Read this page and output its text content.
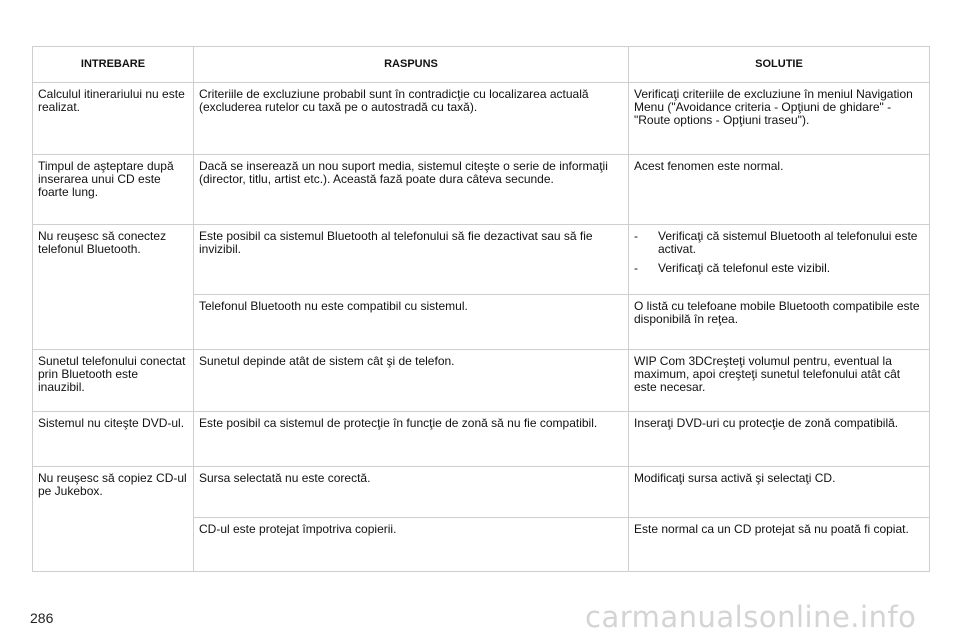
INTREBARE	RASPUNS	SOLUTIE
Calculul itinerariului nu este realizat.	Criteriile de excluziune probabil sunt în contradicţie cu localizarea actuală (excluderea rutelor cu taxă pe o autostradă cu taxă).	Verificaţi criteriile de excluziune în meniul Navigation Menu ("Avoidance criteria - Opţiuni de ghidare" - "Route options - Opţiuni traseu").
Timpul de aşteptare după inserarea unui CD este foarte lung.	Dacă se inserează un nou suport media, sistemul citeşte o serie de informaţii (director, titlu, artist etc.). Această fază poate dura câteva secunde.	Acest fenomen este normal.
Nu reuşesc să conectez telefonul Bluetooth.	Este posibil ca sistemul Bluetooth al telefonului să fie dezactivat sau să fie invizibil.	- Verificaţi că sistemul Bluetooth al telefonului este activat.
- Verificaţi că telefonul este vizibil.

	Telefonul Bluetooth nu este compatibil cu sistemul.	O listă cu telefoane mobile Bluetooth compatibile este disponibilă în reţea.
Sunetul telefonului conectat prin Bluetooth este inauzibil.	Sunetul depinde atât de sistem cât şi de telefon.	WIP Com 3DCreşteţi volumul pentru, eventual la maximum, apoi creşteţi sunetul telefonului atât cât este necesar.
Sistemul nu citeşte DVD-ul.	Este posibil ca sistemul de protecţie în funcţie de zonă să nu fie compatibil.	Inseraţi DVD-uri cu protecţie de zonă compatibilă.
Nu reuşesc să copiez CD-ul pe Jukebox.	Sursa selectată nu este corectă.	Modificaţi sursa activă şi selectaţi CD.
	CD-ul este protejat împotriva copierii.	Este normal ca un CD protejat să nu poată fi copiat.
286	carmanualsonline.info
